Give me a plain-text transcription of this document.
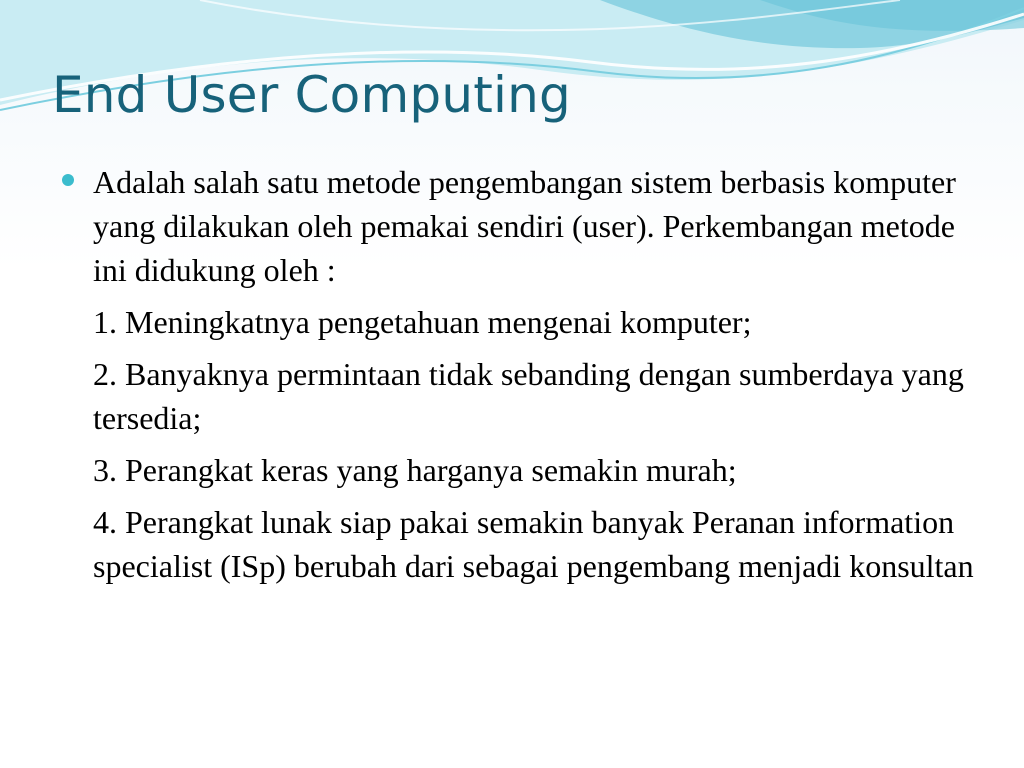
End User Computing

Adalah salah satu metode pengembangan sistem berbasis komputer yang dilakukan oleh pemakai sendiri (user). Perkembangan metode ini didukung oleh :

1. Meningkatnya pengetahuan mengenai komputer;

2. Banyaknya permintaan tidak sebanding dengan sumberdaya yang tersedia;

3. Perangkat keras yang harganya semakin murah;

4. Perangkat lunak siap pakai semakin banyak Peranan information specialist (ISp) berubah dari sebagai pengembang menjadi konsultan
